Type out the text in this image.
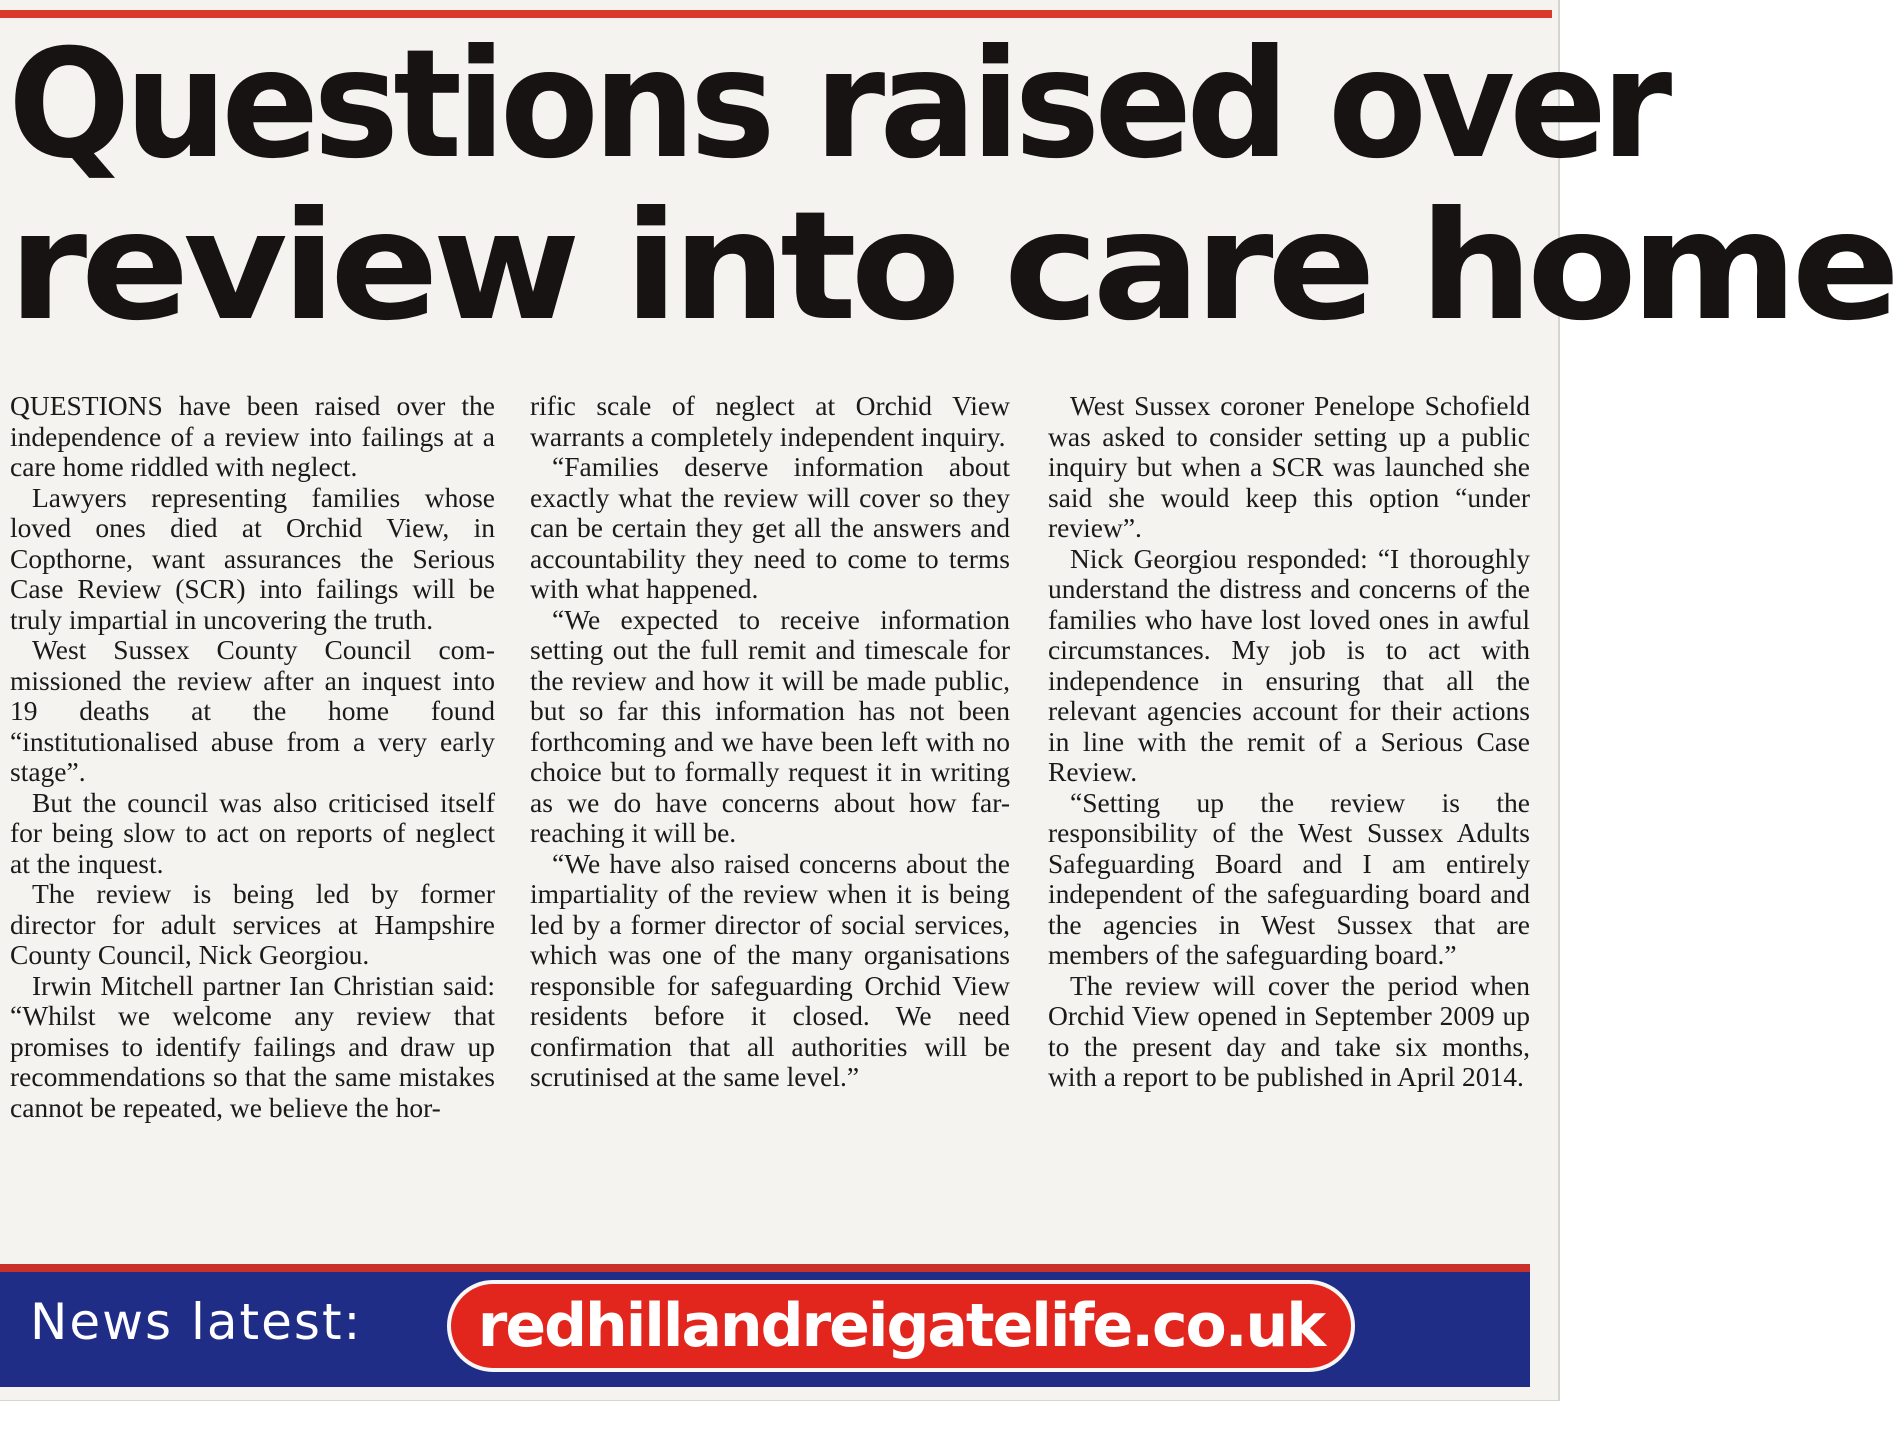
Questions raised over
review into care home

QUESTIONS have been raised over the independence of a review into failings at a care home riddled with neglect.

Lawyers representing families whose loved ones died at Orchid View, in Copthorne, want assurances the Serious Case Review (SCR) into failings will be truly impartial in uncovering the truth.

West Sussex County Council commissioned the review after an inquest into 19 deaths at the home found “institutionalised abuse from a very early stage”.

But the council was also criticised itself for being slow to act on reports of neglect at the inquest.

The review is being led by former director for adult services at Hampshire County Council, Nick Georgiou.

Irwin Mitchell partner Ian Christian said: “Whilst we welcome any review that promises to identify failings and draw up recommendations so that the same mistakes cannot be repeated, we believe the hor-

rific scale of neglect at Orchid View warrants a completely independent inquiry.

“Families deserve information about exactly what the review will cover so they can be certain they get all the answers and accountability they need to come to terms with what happened.

“We expected to receive information setting out the full remit and timescale for the review and how it will be made public, but so far this information has not been forthcoming and we have been left with no choice but to formally request it in writing as we do have concerns about how far-reaching it will be.

“We have also raised concerns about the impartiality of the review when it is being led by a former director of social services, which was one of the many organisations responsible for safeguarding Orchid View residents before it closed. We need confirmation that all authorities will be scrutinised at the same level.”

West Sussex coroner Penelope Schofield was asked to consider setting up a public inquiry but when a SCR was launched she said she would keep this option “under review”.

Nick Georgiou responded: “I thoroughly understand the distress and concerns of the families who have lost loved ones in awful circumstances. My job is to act with independence in ensuring that all the relevant agencies account for their actions in line with the remit of a Serious Case Review.

“Setting up the review is the responsibility of the West Sussex Adults Safeguarding Board and I am entirely independent of the safeguarding board and the agencies in West Sussex that are members of the safeguarding board.”

The review will cover the period when Orchid View opened in September 2009 up to the present day and take six months, with a report to be published in April 2014.

News latest:	redhillandreigatelife.co.uk
